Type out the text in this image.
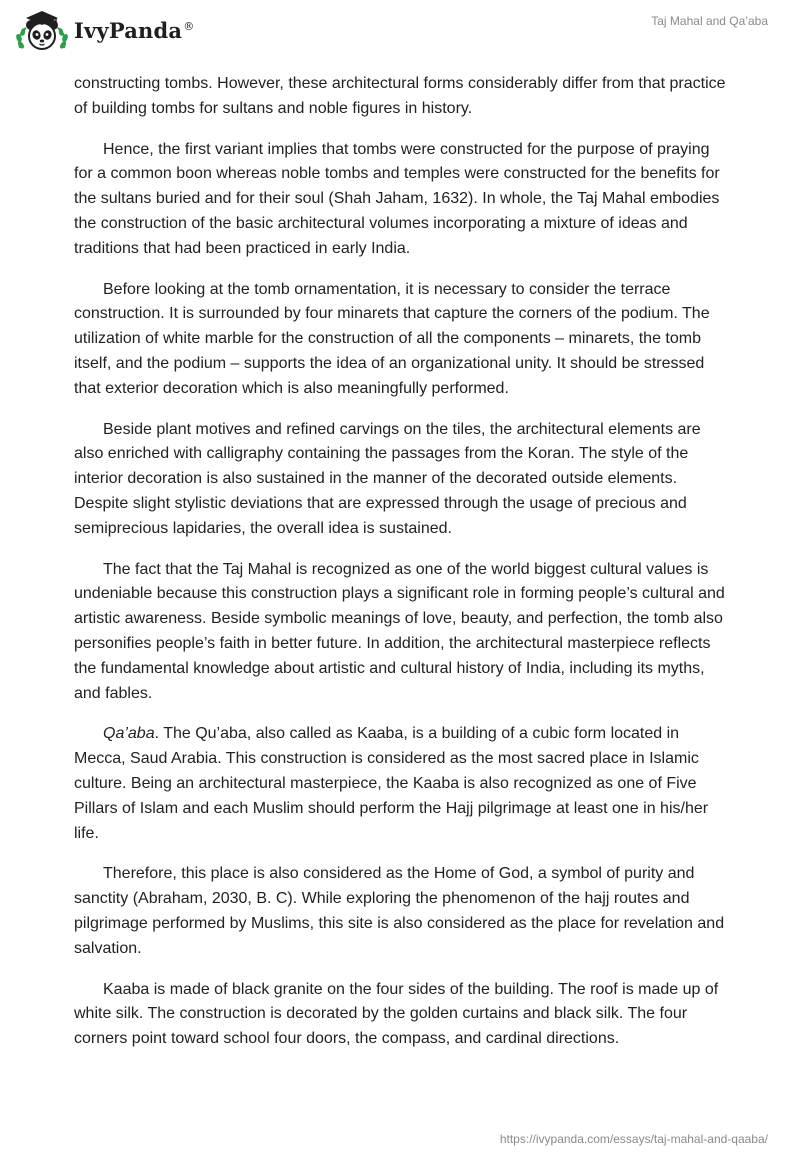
IvyPanda®	Taj Mahal and Qa’aba

constructing tombs. However, these architectural forms considerably differ from that practice of building tombs for sultans and noble figures in history.

Hence, the first variant implies that tombs were constructed for the purpose of praying for a common boon whereas noble tombs and temples were constructed for the benefits for the sultans buried and for their soul (Shah Jaham, 1632). In whole, the Taj Mahal embodies the construction of the basic architectural volumes incorporating a mixture of ideas and traditions that had been practiced in early India.

Before looking at the tomb ornamentation, it is necessary to consider the terrace construction. It is surrounded by four minarets that capture the corners of the podium. The utilization of white marble for the construction of all the components – minarets, the tomb itself, and the podium – supports the idea of an organizational unity. It should be stressed that exterior decoration which is also meaningfully performed.

Beside plant motives and refined carvings on the tiles, the architectural elements are also enriched with calligraphy containing the passages from the Koran. The style of the interior decoration is also sustained in the manner of the decorated outside elements. Despite slight stylistic deviations that are expressed through the usage of precious and semiprecious lapidaries, the overall idea is sustained.

The fact that the Taj Mahal is recognized as one of the world biggest cultural values is undeniable because this construction plays a significant role in forming people’s cultural and artistic awareness. Beside symbolic meanings of love, beauty, and perfection, the tomb also personifies people’s faith in better future. In addition, the architectural masterpiece reflects the fundamental knowledge about artistic and cultural history of India, including its myths, and fables.

Qa’aba. The Qu’aba, also called as Kaaba, is a building of a cubic form located in Mecca, Saud Arabia. This construction is considered as the most sacred place in Islamic culture. Being an architectural masterpiece, the Kaaba is also recognized as one of Five Pillars of Islam and each Muslim should perform the Hajj pilgrimage at least one in his/her life.

Therefore, this place is also considered as the Home of God, a symbol of purity and sanctity (Abraham, 2030, B. C). While exploring the phenomenon of the hajj routes and pilgrimage performed by Muslims, this site is also considered as the place for revelation and salvation.

Kaaba is made of black granite on the four sides of the building. The roof is made up of white silk. The construction is decorated by the golden curtains and black silk. The four corners point toward school four doors, the compass, and cardinal directions.

https://ivypanda.com/essays/taj-mahal-and-qaaba/
